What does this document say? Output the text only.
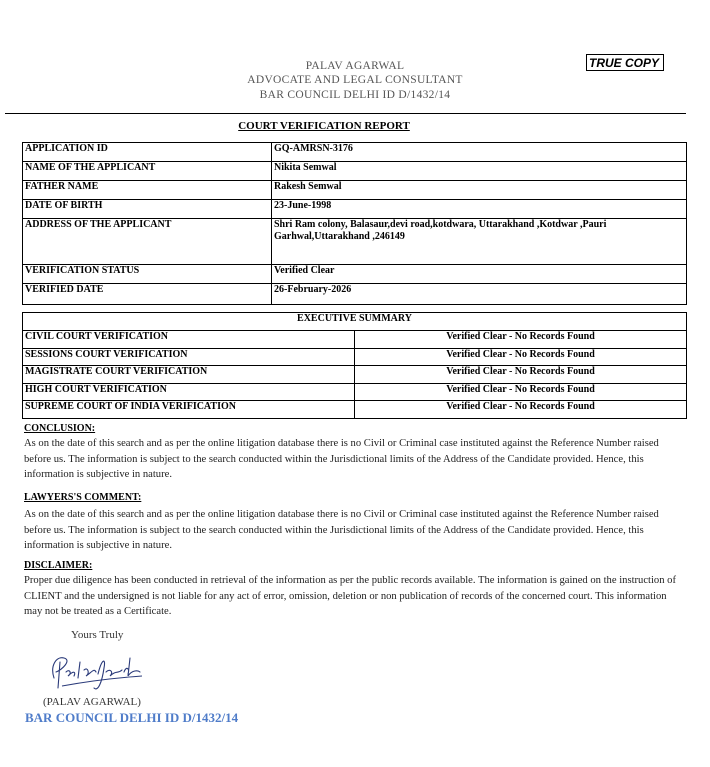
TRUE COPY
PALAV AGARWAL
ADVOCATE AND LEGAL CONSULTANT
BAR COUNCIL DELHI ID D/1432/14
COURT VERIFICATION REPORT
APPLICATION ID	GQ-AMRSN-3176
NAME OF THE APPLICANT	Nikita Semwal
FATHER NAME	Rakesh Semwal
DATE OF BIRTH	23-June-1998
ADDRESS OF THE APPLICANT	Shri Ram colony, Balasaur,devi road,kotdwara, Uttarakhand ,Kotdwar ,Pauri Garhwal,Uttarakhand ,246149
VERIFICATION STATUS	Verified Clear
VERIFIED DATE	26-February-2026
EXECUTIVE SUMMARY	
CIVIL COURT VERIFICATION	Verified Clear - No Records Found
SESSIONS COURT VERIFICATION	Verified Clear - No Records Found
MAGISTRATE COURT VERIFICATION	Verified Clear - No Records Found
HIGH COURT VERIFICATION	Verified Clear - No Records Found
SUPREME COURT OF INDIA VERIFICATION	Verified Clear - No Records Found
CONCLUSION:
As on the date of this search and as per the online litigation database there is no Civil or Criminal case instituted against the Reference Number raised before us. The information is subject to the search conducted within the Jurisdictional limits of the Address of the Candidate provided. Hence, this information is subjective in nature.
LAWYERS'S COMMENT:
As on the date of this search and as per the online litigation database there is no Civil or Criminal case instituted against the Reference Number raised before us. The information is subject to the search conducted within the Jurisdictional limits of the Address of the Candidate provided. Hence, this information is subjective in nature.
DISCLAIMER:
Proper due diligence has been conducted in retrieval of the information as per the public records available. The information is gained on the instruction of CLIENT and the undersigned is not liable for any act of error, omission, deletion or non publication of records of the concerned court. This information may not be treated as a Certificate.
Yours Truly
(PALAV AGARWAL)
BAR COUNCIL DELHI ID D/1432/14
